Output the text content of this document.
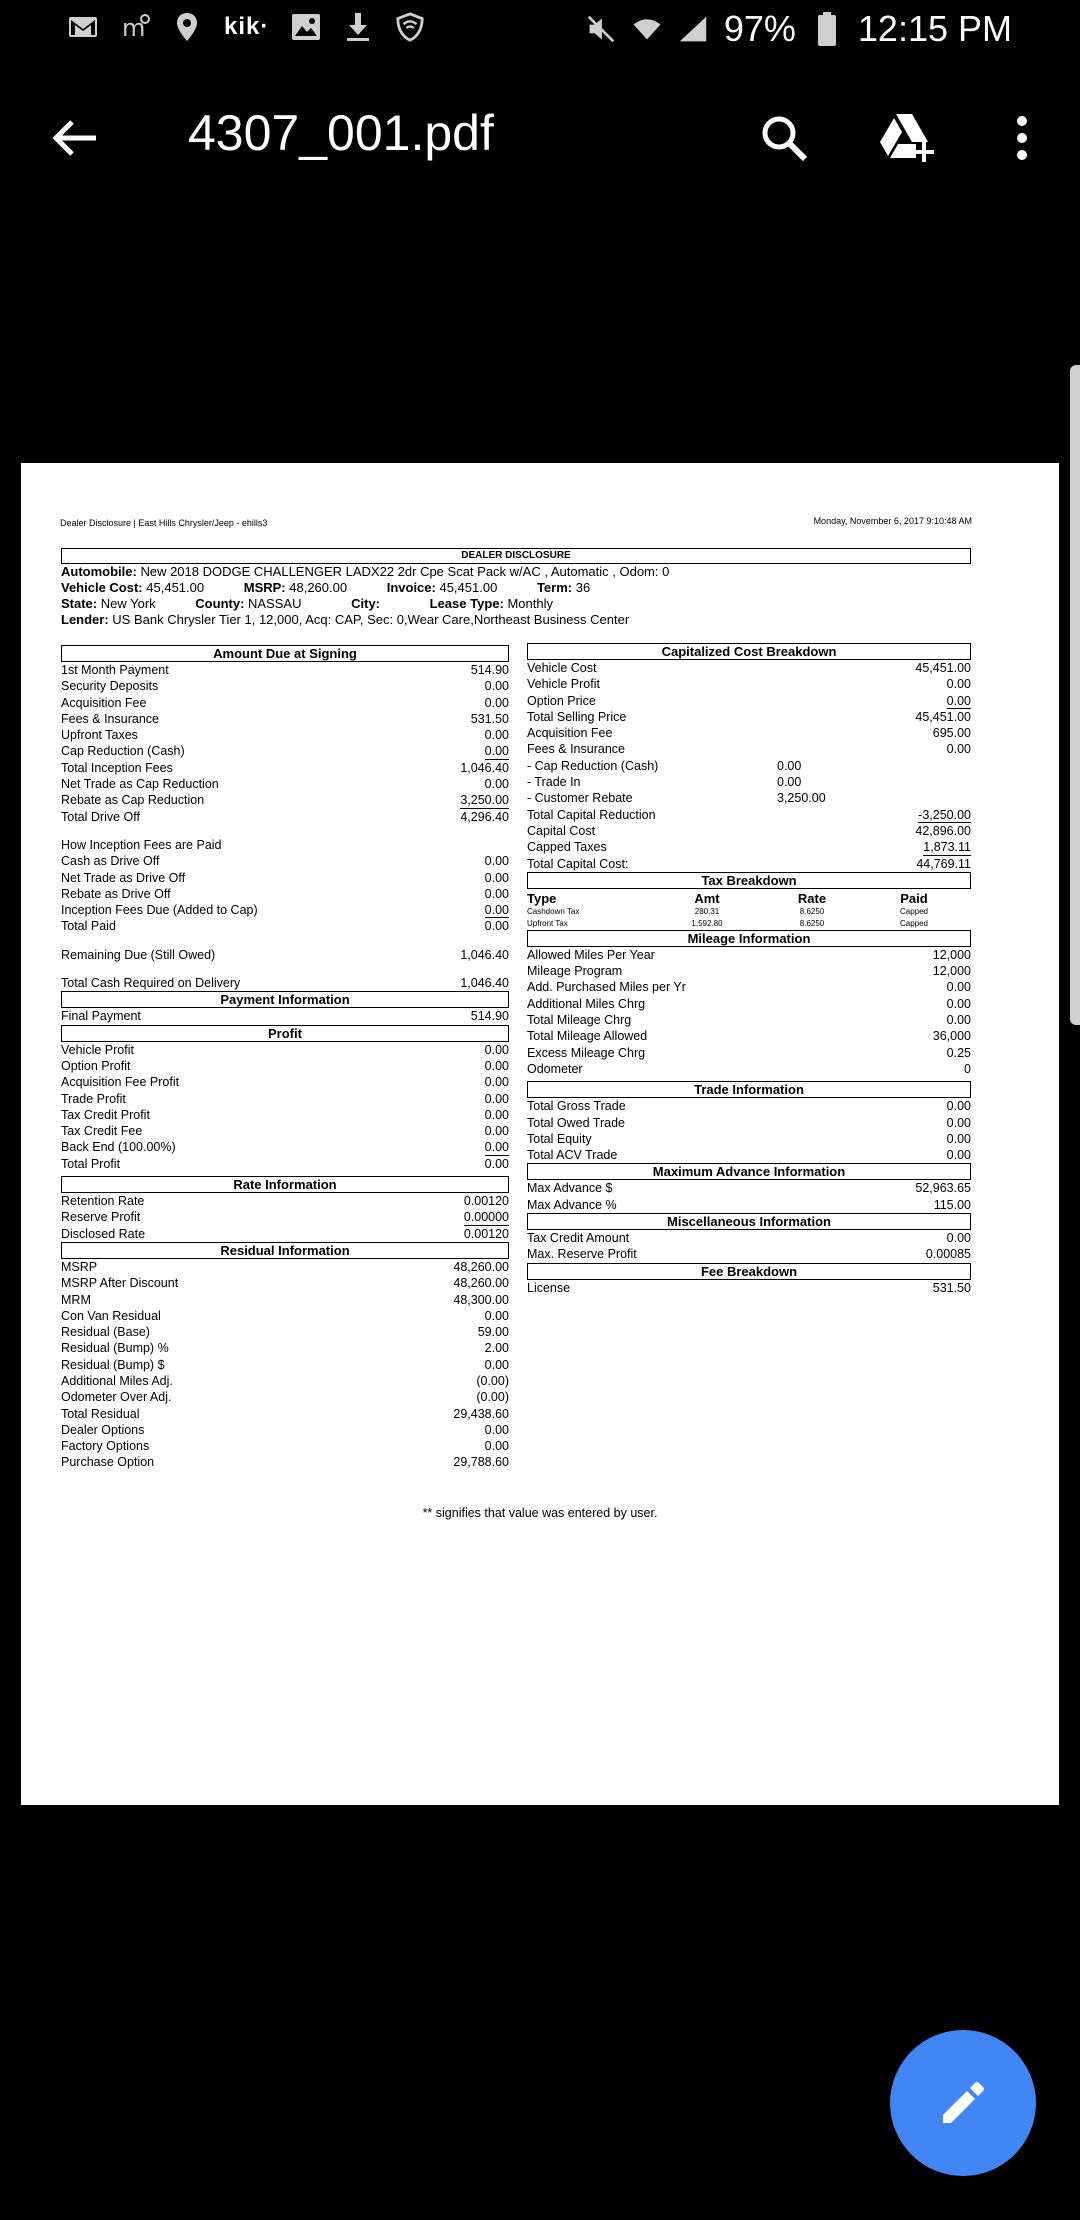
m	kik·	97% 12:15 PM
4307_001.pdf
Dealer Disclosure | East Hills Chrysler/Jeep - ehills3	Monday, November 6, 2017 9:10:48 AM
DEALER DISCLOSURE
Automobile: New 2018 DODGE CHALLENGER LADX22 2dr Cpe Scat Pack w/AC , Automatic , Odom: 0
Vehicle Cost: 45,451.00	MSRP: 48,260.00	Invoice: 45,451.00	Term: 36
State: New York	County: NASSAU	City:	Lease Type: Monthly
Lender: US Bank Chrysler Tier 1, 12,000, Acq: CAP, Sec: 0,Wear Care,Northeast Business Center
Amount Due at Signing
1st Month Payment	514.90
Security Deposits	0.00
Acquisition Fee	0.00
Fees & Insurance	531.50
Upfront Taxes	0.00
Cap Reduction (Cash)	0.00
Total Inception Fees	1,046.40
Net Trade as Cap Reduction	0.00
Rebate as Cap Reduction	3,250.00
Total Drive Off	4,296.40
How Inception Fees are Paid
Cash as Drive Off	0.00
Net Trade as Drive Off	0.00
Rebate as Drive Off	0.00
Inception Fees Due (Added to Cap)	0.00
Total Paid	0.00
Remaining Due (Still Owed)	1,046.40
Total Cash Required on Delivery	1,046.40
Payment Information
Final Payment	514.90
Profit
Vehicle Profit	0.00
Option Profit	0.00
Acquisition Fee Profit	0.00
Trade Profit	0.00
Tax Credit Profit	0.00
Tax Credit Fee	0.00
Back End (100.00%)	0.00
Total Profit	0.00
Rate Information
Retention Rate	0.00120
Reserve Profit	0.00000
Disclosed Rate	0.00120
Residual Information
MSRP	48,260.00
MSRP After Discount	48,260.00
MRM	48,300.00
Con Van Residual	0.00
Residual (Base)	59.00
Residual (Bump) %	2.00
Residual (Bump) $	0.00
Additional Miles Adj.	(0.00)
Odometer Over Adj.	(0.00)
Total Residual	29,438.60
Dealer Options	0.00
Factory Options	0.00
Purchase Option	29,788.60
Capitalized Cost Breakdown
Vehicle Cost	45,451.00
Vehicle Profit	0.00
Option Price	0.00
Total Selling Price	45,451.00
Acquisition Fee	695.00
Fees & Insurance	0.00
- Cap Reduction (Cash)	0.00
- Trade In	0.00
- Customer Rebate	3,250.00
Total Capital Reduction	-3,250.00
Capital Cost	42,896.00
Capped Taxes	1,873.11
Total Capital Cost:	44,769.11
Tax Breakdown
Type	Amt	Rate	Paid
Cashdown Tax	280.31	8.6250	Capped
Upfront Tax	1,592.80	8.6250	Capped
Mileage Information
Allowed Miles Per Year	12,000
Mileage Program	12,000
Add. Purchased Miles per Yr	0.00
Additional Miles Chrg	0.00
Total Mileage Chrg	0.00
Total Mileage Allowed	36,000
Excess Mileage Chrg	0.25
Odometer	0
Trade Information
Total Gross Trade	0.00
Total Owed Trade	0.00
Total Equity	0.00
Total ACV Trade	0.00
Maximum Advance Information
Max Advance $	52,963.65
Max Advance %	115.00
Miscellaneous Information
Tax Credit Amount	0.00
Max. Reserve Profit	0.00085
Fee Breakdown
License	531.50
** signifies that value was entered by user.
